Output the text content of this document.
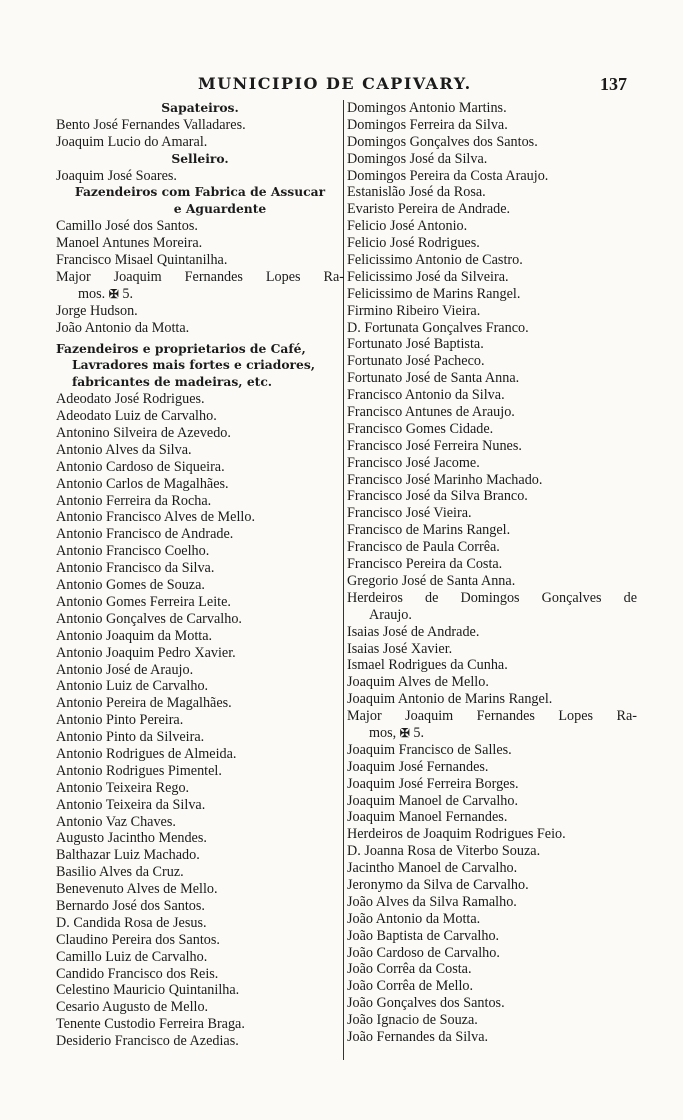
MUNICIPIO DE CAPIVARY.	137
Sapateiros.
Bento José Fernandes Valladares.
Joaquim Lucio do Amaral.
Selleiro.
Joaquim José Soares.
Fazendeiros com Fabrica de Assucar
e Aguardente
Camillo José dos Santos.
Manoel Antunes Moreira.
Francisco Misael Quintanilha.
Major Joaquim Fernandes Lopes Ra-
mos. ✠ 5.
Jorge Hudson.
João Antonio da Motta.
Fazendeiros e proprietarios de Café,
Lavradores mais fortes e criadores,
fabricantes de madeiras, etc.
Adeodato José Rodrigues.
Adeodato Luiz de Carvalho.
Antonino Silveira de Azevedo.
Antonio Alves da Silva.
Antonio Cardoso de Siqueira.
Antonio Carlos de Magalhães.
Antonio Ferreira da Rocha.
Antonio Francisco Alves de Mello.
Antonio Francisco de Andrade.
Antonio Francisco Coelho.
Antonio Francisco da Silva.
Antonio Gomes de Souza.
Antonio Gomes Ferreira Leite.
Antonio Gonçalves de Carvalho.
Antonio Joaquim da Motta.
Antonio Joaquim Pedro Xavier.
Antonio José de Araujo.
Antonio Luiz de Carvalho.
Antonio Pereira de Magalhães.
Antonio Pinto Pereira.
Antonio Pinto da Silveira.
Antonio Rodrigues de Almeida.
Antonio Rodrigues Pimentel.
Antonio Teixeira Rego.
Antonio Teixeira da Silva.
Antonio Vaz Chaves.
Augusto Jacintho Mendes.
Balthazar Luiz Machado.
Basilio Alves da Cruz.
Benevenuto Alves de Mello.
Bernardo José dos Santos.
D. Candida Rosa de Jesus.
Claudino Pereira dos Santos.
Camillo Luiz de Carvalho.
Candido Francisco dos Reis.
Celestino Mauricio Quintanilha.
Cesario Augusto de Mello.
Tenente Custodio Ferreira Braga.
Desiderio Francisco de Azedias.
Domingos Antonio Martins.
Domingos Ferreira da Silva.
Domingos Gonçalves dos Santos.
Domingos José da Silva.
Domingos Pereira da Costa Araujo.
Estanislão José da Rosa.
Evaristo Pereira de Andrade.
Felicio José Antonio.
Felicio José Rodrigues.
Felicissimo Antonio de Castro.
Felicissimo José da Silveira.
Felicissimo de Marins Rangel.
Firmino Ribeiro Vieira.
D. Fortunata Gonçalves Franco.
Fortunato José Baptista.
Fortunato José Pacheco.
Fortunato José de Santa Anna.
Francisco Antonio da Silva.
Francisco Antunes de Araujo.
Francisco Gomes Cidade.
Francisco José Ferreira Nunes.
Francisco José Jacome.
Francisco José Marinho Machado.
Francisco José da Silva Branco.
Francisco José Vieira.
Francisco de Marins Rangel.
Francisco de Paula Corrêa.
Francisco Pereira da Costa.
Gregorio José de Santa Anna.
Herdeiros de Domingos Gonçalves de
Araujo.
Isaias José de Andrade.
Isaias José Xavier.
Ismael Rodrigues da Cunha.
Joaquim Alves de Mello.
Joaquim Antonio de Marins Rangel.
Major Joaquim Fernandes Lopes Ra-
mos, ✠ 5.
Joaquim Francisco de Salles.
Joaquim José Fernandes.
Joaquim José Ferreira Borges.
Joaquim Manoel de Carvalho.
Joaquim Manoel Fernandes.
Herdeiros de Joaquim Rodrigues Feio.
D. Joanna Rosa de Viterbo Souza.
Jacintho Manoel de Carvalho.
Jeronymo da Silva de Carvalho.
João Alves da Silva Ramalho.
João Antonio da Motta.
João Baptista de Carvalho.
João Cardoso de Carvalho.
João Corrêa da Costa.
João Corrêa de Mello.
João Gonçalves dos Santos.
João Ignacio de Souza.
João Fernandes da Silva.
